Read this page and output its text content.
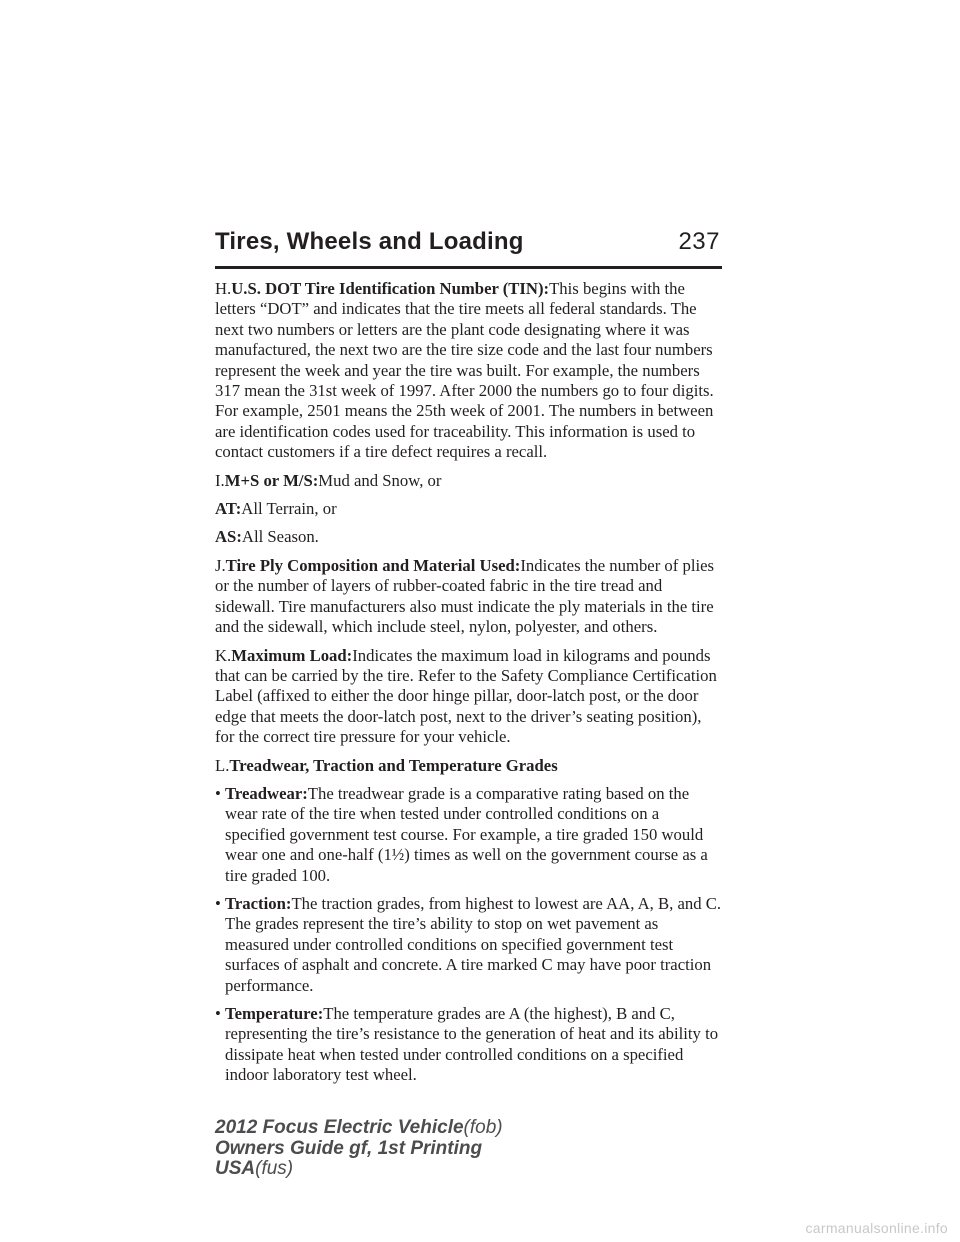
Tires, Wheels and Loading	237

H.U.S. DOT Tire Identification Number (TIN):This begins with the letters “DOT” and indicates that the tire meets all federal standards. The next two numbers or letters are the plant code designating where it was manufactured, the next two are the tire size code and the last four numbers represent the week and year the tire was built. For example, the numbers 317 mean the 31st week of 1997. After 2000 the numbers go to four digits. For example, 2501 means the 25th week of 2001. The numbers in between are identification codes used for traceability. This information is used to contact customers if a tire defect requires a recall.

I.M+S or M/S:Mud and Snow, or

AT:All Terrain, or

AS:All Season.

J.Tire Ply Composition and Material Used:Indicates the number of plies or the number of layers of rubber-coated fabric in the tire tread and sidewall. Tire manufacturers also must indicate the ply materials in the tire and the sidewall, which include steel, nylon, polyester, and others.

K.Maximum Load:Indicates the maximum load in kilograms and pounds that can be carried by the tire. Refer to the Safety Compliance Certification Label (affixed to either the door hinge pillar, door-latch post, or the door edge that meets the door-latch post, next to the driver’s seating position), for the correct tire pressure for your vehicle.

L.Treadwear, Traction and Temperature Grades

• Treadwear:The treadwear grade is a comparative rating based on the wear rate of the tire when tested under controlled conditions on a specified government test course. For example, a tire graded 150 would wear one and one-half (1½) times as well on the government course as a tire graded 100.
• Traction:The traction grades, from highest to lowest are AA, A, B, and C. The grades represent the tire’s ability to stop on wet pavement as measured under controlled conditions on specified government test surfaces of asphalt and concrete. A tire marked C may have poor traction performance.
• Temperature:The temperature grades are A (the highest), B and C, representing the tire’s resistance to the generation of heat and its ability to dissipate heat when tested under controlled conditions on a specified indoor laboratory test wheel.
2012 Focus Electric Vehicle(fob)
Owners Guide gf, 1st Printing
USA(fus)
carmanualsonline.info
